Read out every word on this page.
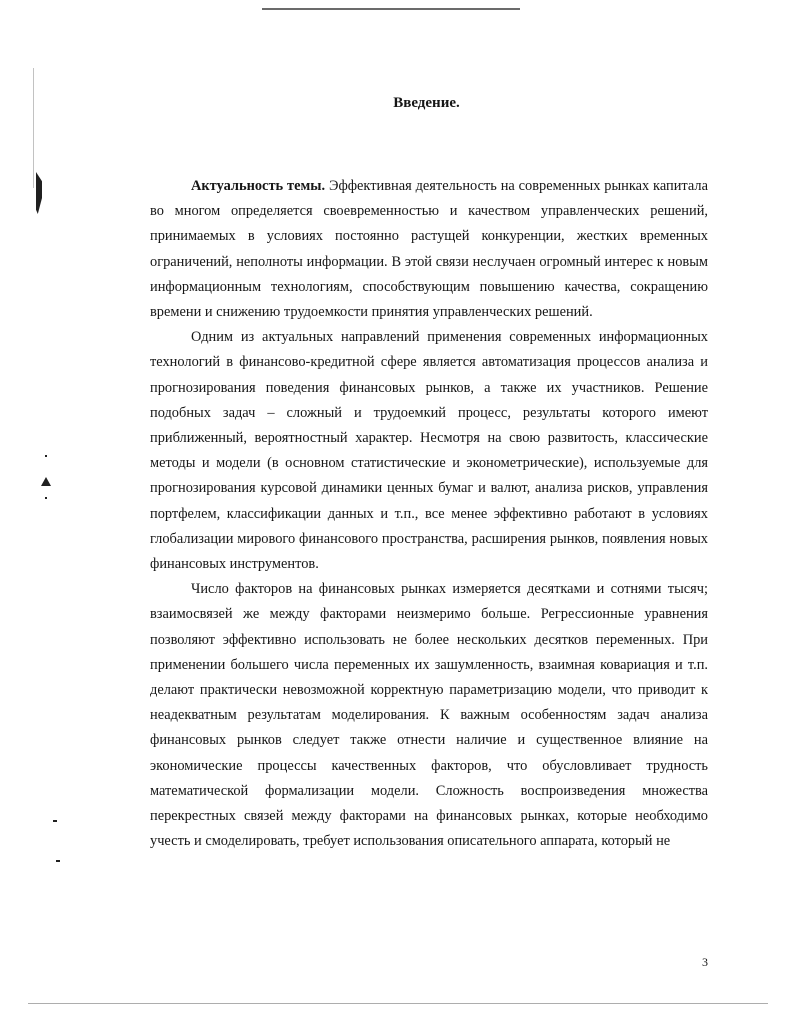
Введение.

Актуальность темы. Эффективная деятельность на современных рынках капитала во многом определяется своевременностью и качеством управленческих решений, принимаемых в условиях постоянно растущей конкуренции, жестких временных ограничений, неполноты информации. В этой связи неслучаен огромный интерес к новым информационным технологиям, способствующим повышению качества, сокращению времени и снижению трудоемкости принятия управленческих решений.

Одним из актуальных направлений применения современных информационных технологий в финансово-кредитной сфере является автоматизация процессов анализа и прогнозирования поведения финансовых рынков, а также их участников. Решение подобных задач – сложный и трудоемкий процесс, результаты которого имеют приближенный, вероятностный характер. Несмотря на свою развитость, классические методы и модели (в основном статистические и эконометрические), используемые для прогнозирования курсовой динамики ценных бумаг и валют, анализа рисков, управления портфелем, классификации данных и т.п., все менее эффективно работают в условиях глобализации мирового финансового пространства, расширения рынков, появления новых финансовых инструментов.

Число факторов на финансовых рынках измеряется десятками и сотнями тысяч; взаимосвязей же между факторами неизмеримо больше. Регрессионные уравнения позволяют эффективно использовать не более нескольких десятков переменных. При применении большего числа переменных их зашумленность, взаимная ковариация и т.п. делают практически невозможной корректную параметризацию модели, что приводит к неадекватным результатам моделирования. К важным особенностям задач анализа финансовых рынков следует также отнести наличие и существенное влияние на экономические процессы качественных факторов, что обусловливает трудность математической формализации модели. Сложность воспроизведения множества перекрестных связей между факторами на финансовых рынках, которые необходимо учесть и смоделировать, требует использования описательного аппарата, который не

3
